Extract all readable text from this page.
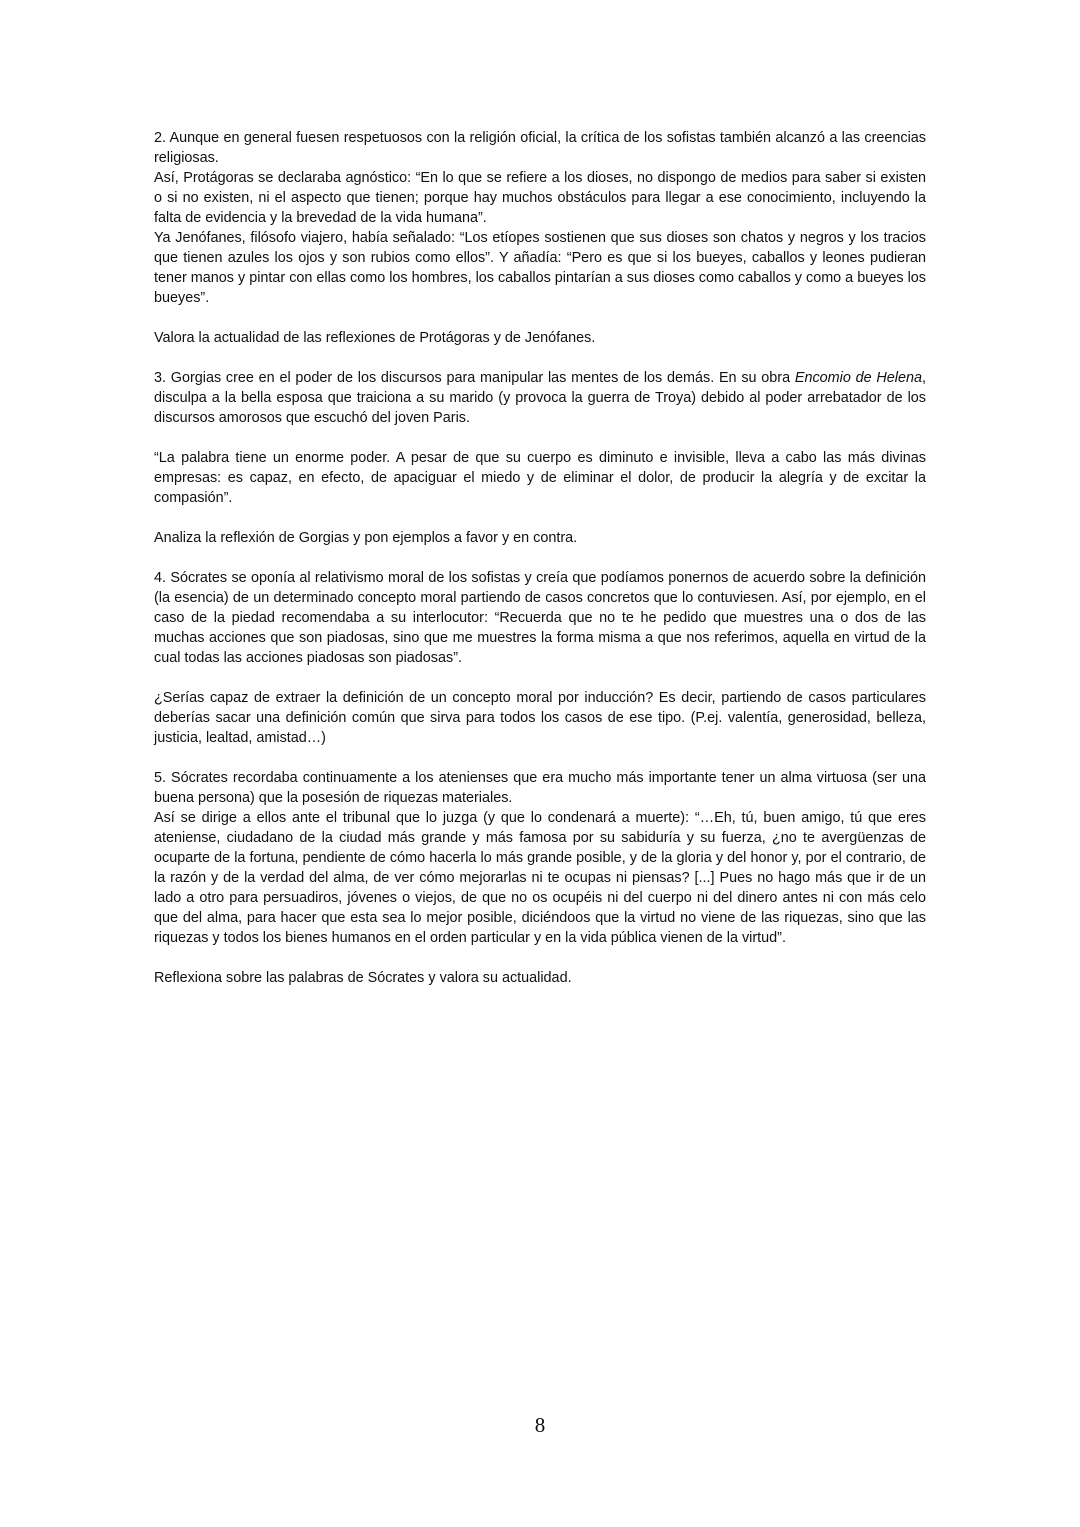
2. Aunque en general fuesen respetuosos con la religión oficial, la crítica de los sofistas también alcanzó a las creencias religiosas.

Así, Protágoras se declaraba agnóstico: “En lo que se refiere a los dioses, no dispongo de medios para saber si existen o si no existen, ni el aspecto que tienen; porque hay muchos obstáculos para llegar a ese conocimiento, incluyendo la falta de evidencia y la brevedad de la vida humana”.

Ya Jenófanes, filósofo viajero, había señalado: “Los etíopes sostienen que sus dioses son chatos y negros y los tracios que tienen azules los ojos y son rubios como ellos”. Y añadía: “Pero es que si los bueyes, caballos y leones pudieran tener manos y pintar con ellas como los hombres, los caballos pintarían a sus dioses como caballos y como a bueyes los bueyes”.

Valora la actualidad de las reflexiones de Protágoras y de Jenófanes.

3. Gorgias cree en el poder de los discursos para manipular las mentes de los demás. En su obra Encomio de Helena, disculpa a la bella esposa que traiciona a su marido (y provoca la guerra de Troya) debido al poder arrebatador de los discursos amorosos que escuchó del joven Paris.

“La palabra tiene un enorme poder. A pesar de que su cuerpo es diminuto e invisible, lleva a cabo las más divinas empresas: es capaz, en efecto, de apaciguar el miedo y de eliminar el dolor, de producir la alegría y de excitar la compasión”.

Analiza la reflexión de Gorgias y pon ejemplos a favor y en contra.

4. Sócrates se oponía al relativismo moral de los sofistas y creía que podíamos ponernos de acuerdo sobre la definición (la esencia) de un determinado concepto moral partiendo de casos concretos que lo contuviesen. Así, por ejemplo, en el caso de la piedad recomendaba a su interlocutor: “Recuerda que no te he pedido que muestres una o dos de las muchas acciones que son piadosas, sino que me muestres la forma misma a que nos referimos, aquella en virtud de la cual todas las acciones piadosas son piadosas”.

¿Serías capaz de extraer la definición de un concepto moral por inducción? Es decir, partiendo de casos particulares deberías sacar una definición común que sirva para todos los casos de ese tipo. (P.ej. valentía, generosidad, belleza, justicia, lealtad, amistad…)

5. Sócrates recordaba continuamente a los atenienses que era mucho más importante tener un alma virtuosa (ser una buena persona) que la posesión de riquezas materiales.

Así se dirige a ellos ante el tribunal que lo juzga (y que lo condenará a muerte): “…Eh, tú, buen amigo, tú que eres ateniense, ciudadano de la ciudad más grande y más famosa por su sabiduría y su fuerza, ¿no te avergüenzas de ocuparte de la fortuna, pendiente de cómo hacerla lo más grande posible, y de la gloria y del honor y, por el contrario, de la razón y de la verdad del alma, de ver cómo mejorarlas ni te ocupas ni piensas? [...] Pues no hago más que ir de un lado a otro para persuadiros, jóvenes o viejos, de que no os ocupéis ni del cuerpo ni del dinero antes ni con más celo que del alma, para hacer que esta sea lo mejor posible, diciéndoos que la virtud no viene de las riquezas, sino que las riquezas y todos los bienes humanos en el orden particular y en la vida pública vienen de la virtud”.

Reflexiona sobre las palabras de Sócrates y valora su actualidad.

8
